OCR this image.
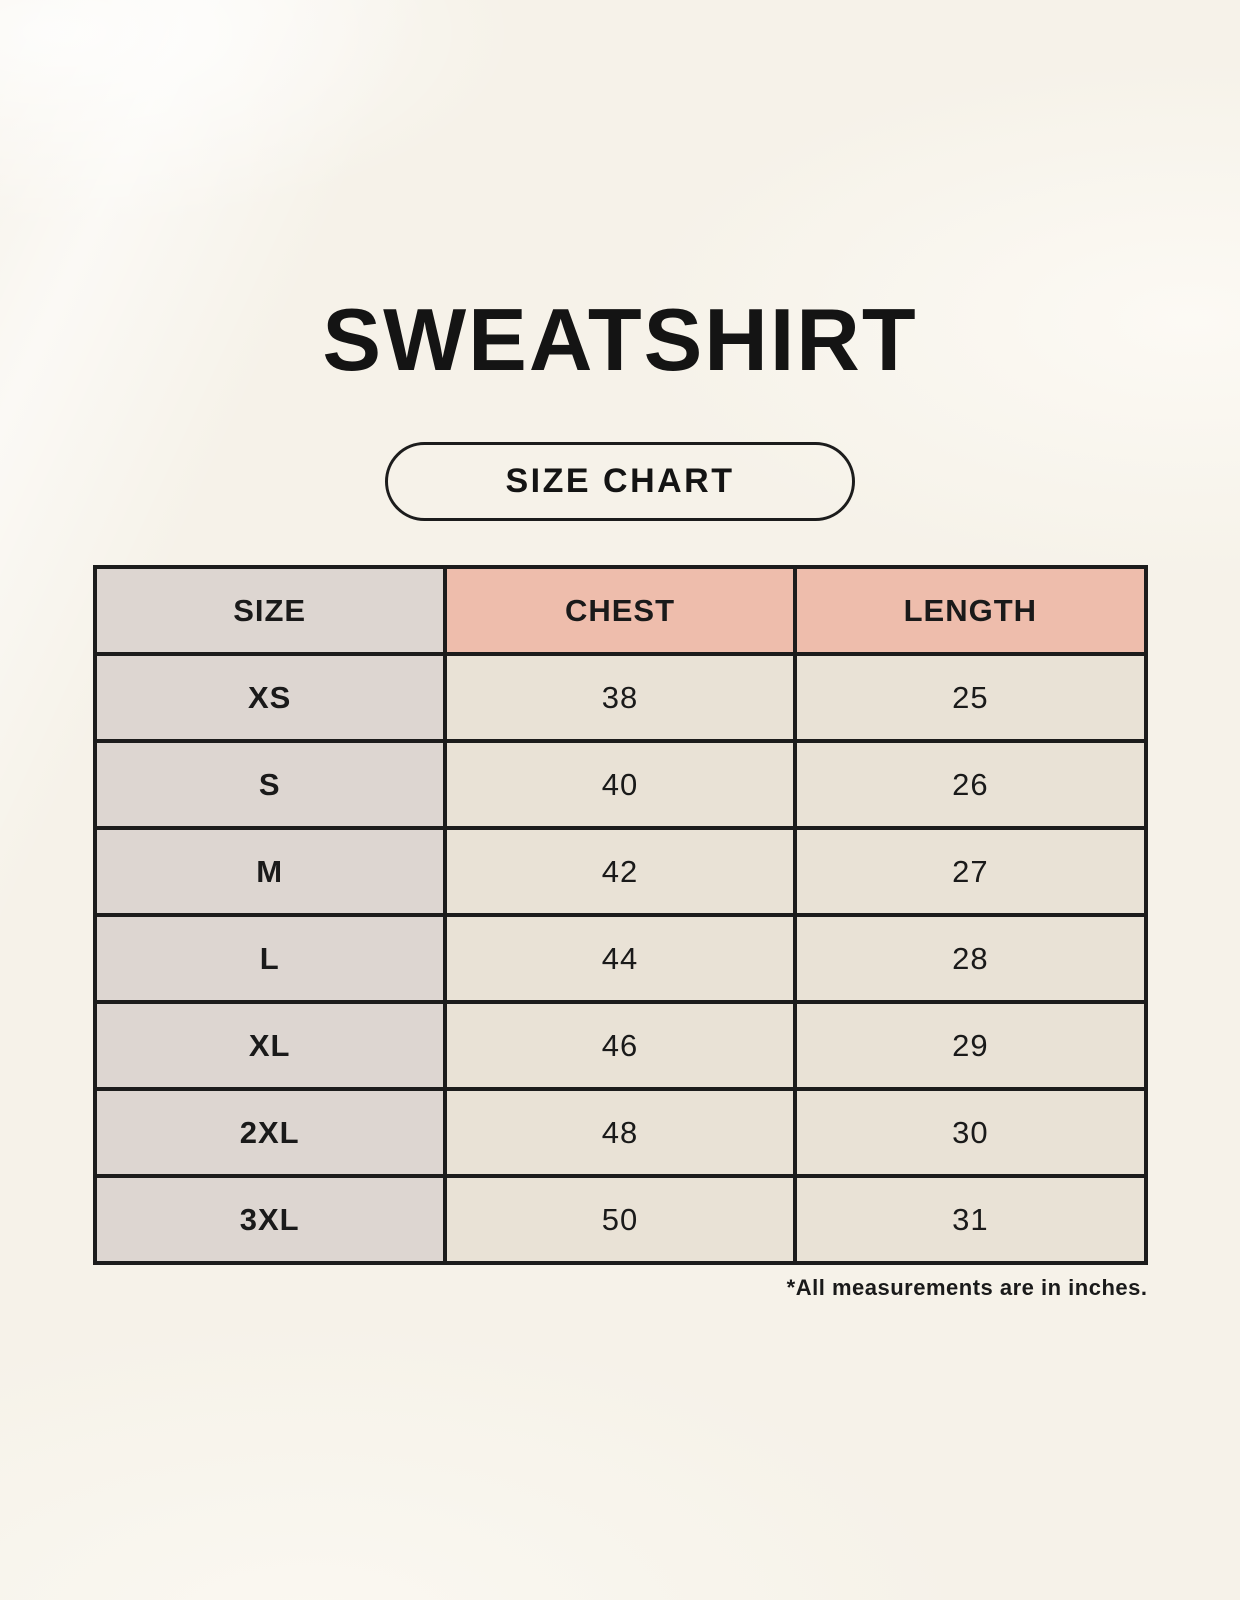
SWEATSHIRT
SIZE CHART
SIZE	CHEST	LENGTH
XS	38	25
S	40	26
M	42	27
L	44	28
XL	46	29
2XL	48	30
3XL	50	31

*All measurements are in inches.
